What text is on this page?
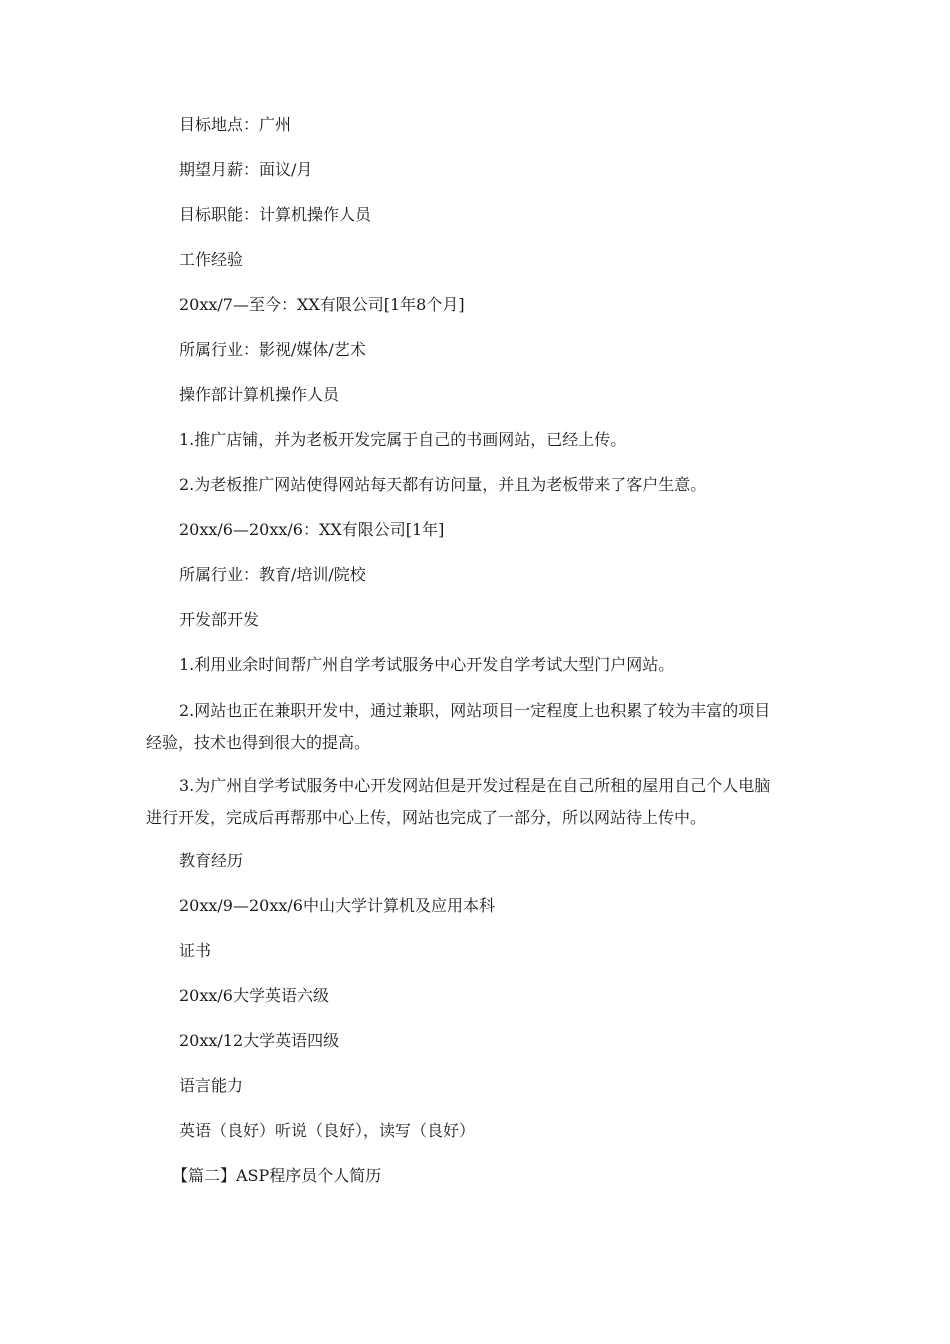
目标地点：广州
期望月薪：面议/月
目标职能：计算机操作人员
工作经验
20xx/7—至今：XX有限公司[1年8个月]
所属行业：影视/媒体/艺术
操作部计算机操作人员
1.推广店铺，并为老板开发完属于自己的书画网站，已经上传。
2.为老板推广网站使得网站每天都有访问量，并且为老板带来了客户生意。
20xx/6—20xx/6：XX有限公司[1年]
所属行业：教育/培训/院校
开发部开发
1.利用业余时间帮广州自学考试服务中心开发自学考试大型门户网站。
2.网站也正在兼职开发中，通过兼职，网站项目一定程度上也积累了较为丰富的项目
经验，技术也得到很大的提高。
3.为广州自学考试服务中心开发网站但是开发过程是在自己所租的屋用自己个人电脑
进行开发，完成后再帮那中心上传，网站也完成了一部分，所以网站待上传中。
教育经历
20xx/9—20xx/6中山大学计算机及应用本科
证书
20xx/6大学英语六级
20xx/12大学英语四级
语言能力
英语（良好）听说（良好），读写（良好）
【篇二】ASP程序员个人简历
